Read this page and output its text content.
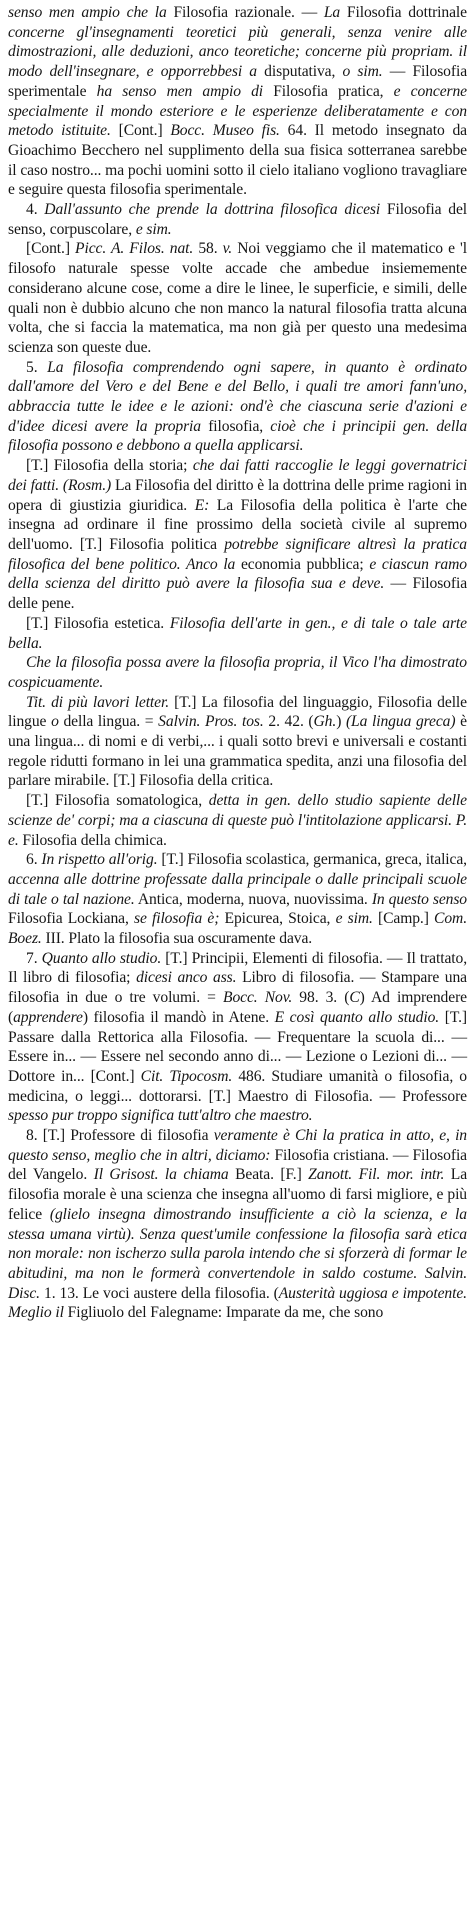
senso men ampio che la Filosofia razionale. — La Filosofia dottrinale concerne gl'insegnamenti teoretici più generali, senza venire alle dimostrazioni, alle deduzioni, anco teoretiche; concerne più propriam. il modo dell'insegnare, e opporrebbesi a disputativa, o sim. — Filosofia sperimentale ha senso men ampio di Filosofia pratica, e concerne specialmente il mondo esteriore e le esperienze deliberatamente e con metodo istituite. [Cont.] Bocc. Museo fis. 64. Il metodo insegnato da Gioachimo Becchero nel supplimento della sua fisica sotterranea sarebbe il caso nostro... ma pochi uomini sotto il cielo italiano vogliono travagliare e seguire questa filosofia sperimentale.

4. Dall'assunto che prende la dottrina filosofica dicesi Filosofia del senso, corpuscolare, e sim.

[Cont.] Picc. A. Filos. nat. 58. v. Noi veggiamo che il matematico e 'l filosofo naturale spesse volte accade che ambedue insiememente considerano alcune cose, come a dire le linee, le superficie, e simili, delle quali non è dubbio alcuno che non manco la natural filosofia tratta alcuna volta, che si faccia la matematica, ma non già per questo una medesima scienza son queste due.

5. La filosofia comprendendo ogni sapere, in quanto è ordinato dall'amore del Vero e del Bene e del Bello, i quali tre amori fann'uno, abbraccia tutte le idee e le azioni: ond'è che ciascuna serie d'azioni e d'idee dicesi avere la propria filosofia, cioè che i principii gen. della filosofia possono e debbono a quella applicarsi.

[T.] Filosofia della storia; che dai fatti raccoglie le leggi governatrici dei fatti. (Rosm.) La Filosofia del diritto è la dottrina delle prime ragioni in opera di giustizia giuridica. E: La Filosofia della politica è l'arte che insegna ad ordinare il fine prossimo della società civile al supremo dell'uomo. [T.] Filosofia politica potrebbe significare altresì la pratica filosofica del bene politico. Anco la economia pubblica; e ciascun ramo della scienza del diritto può avere la filosofia sua e deve. — Filosofia delle pene.

[T.] Filosofia estetica. Filosofia dell'arte in gen., e di tale o tale arte bella.

Che la filosofia possa avere la filosofia propria, il Vico l'ha dimostrato cospicuamente.

Tit. di più lavori letter. [T.] La filosofia del linguaggio, Filosofia delle lingue o della lingua. = Salvin. Pros. tos. 2. 42. (Gh.) (La lingua greca) è una lingua... di nomi e di verbi,... i quali sotto brevi e universali e costanti regole ridutti formano in lei una grammatica spedita, anzi una filosofia del parlare mirabile. [T.] Filosofia della critica.

[T.] Filosofia somatologica, detta in gen. dello studio sapiente delle scienze de' corpi; ma a ciascuna di queste può l'intitolazione applicarsi. P. e. Filosofia della chimica.

6. In rispetto all'orig. [T.] Filosofia scolastica, germanica, greca, italica, accenna alle dottrine professate dalla principale o dalle principali scuole di tale o tal nazione. Antica, moderna, nuova, nuovissima. In questo senso Filosofia Lockiana, se filosofia è; Epicurea, Stoica, e sim. [Camp.] Com. Boez. III. Plato la filosofia sua oscuramente dava.

7. Quanto allo studio. [T.] Principii, Elementi di filosofia. — Il trattato, Il libro di filosofia; dicesi anco ass. Libro di filosofia. — Stampare una filosofia in due o tre volumi. = Bocc. Nov. 98. 3. (C) Ad imprendere (apprendere) filosofia il mandò in Atene. E così quanto allo studio. [T.] Passare dalla Rettorica alla Filosofia. — Frequentare la scuola di... — Essere in... — Essere nel secondo anno di... — Lezione o Lezioni di... — Dottore in... [Cont.] Cit. Tipocosm. 486. Studiare umanità o filosofia, o medicina, o leggi... dottorarsi. [T.] Maestro di Filosofia. — Professore spesso pur troppo significa tutt'altro che maestro.

8. [T.] Professore di filosofia veramente è Chi la pratica in atto, e, in questo senso, meglio che in altri, diciamo: Filosofia cristiana. — Filosofia del Vangelo. Il Grisost. la chiama Beata. [F.] Zanott. Fil. mor. intr. La filosofia morale è una scienza che insegna all'uomo di farsi migliore, e più felice (glielo insegna dimostrando insufficiente a ciò la scienza, e la stessa umana virtù). Senza quest'umile confessione la filosofia sarà etica non morale: non ischerzo sulla parola intendo che si sforzerà di formar le abitudini, ma non le formerà convertendole in saldo costume. Salvin. Disc. 1. 13. Le voci austere della filosofia. (Austerità uggiosa e impotente. Meglio il Figliuolo del Falegname: Imparate da me, che sono
